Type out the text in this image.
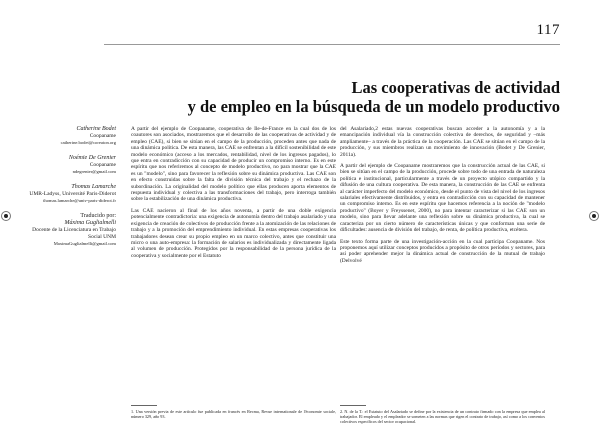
117
Las cooperativas de actividad
y de empleo en la búsqueda de un modelo productivo
Catherine Bodet
Coopaname
catherine.bodet@coreaton.org
Noémie De Grenier
Coopaname
ndegrenier@gmail.com
Thomas Lamarche
UMR-Ladyss, Université Paris-Diderot
thomas.lamarche@univ-paris-diderot.fr
Traducido por:
Máxima Guglialmelli
Docente de la Licenciatura en Trabajo Social UNM
MaximaGuglialmelli@gmail.com

A partir del ejemplo de Coopaname, cooperativa de Ile-de-France en la cual dos de los coautores son asociados, mostraremos que el desarrollo de las cooperativas de actividad y de empleo (CAE), si bien se sitúan en el campo de la producción, proceden antes que nada de una dinámica política. De esta manera, las CAE se enfrentan a la difícil sostenibilidad de este modelo económico (acceso a los mercados, rentabilidad, nivel de los ingresos pagados), lo que entra en contradicción con su capacidad de producir un compromiso interno. Es en este espíritu que nos referiremos al concepto de modelo productivo, no para mostrar que la CAE es un "modelo", sino para favorecer la reflexión sobre su dinámica productiva. Las CAE son en efecto construidas sobre la falta de división técnica del trabajo y el rechazo de la subordinación. La originalidad del modelo político que ellas producen aporta elementos de respuesta individual y colectiva a las transformaciones del trabajo, pero interroga también sobre la estabilización de una dinámica productiva.

Las CAE nacieron al final de los años noventa, a partir de una doble exigencia potencialmente contradictoria: una exigencia de autonomía dentro del trabajo asalariado y una exigencia de creación de colectivos de producción frente a la atomización de las relaciones de trabajo y a la promoción del emprendimiento individual. En estas empresas cooperativas los trabajadores desean crear su propio empleo en un marco colectivo, antes que constituir una micro o una auto-empresa: la formación de salarios es individualizada y directamente ligada al volumen de producción. Protegidos por la responsabilidad de la persona jurídica de la cooperativa y socialmente por el Estatuto

del Asalariado,2 estas nuevas cooperativas buscan acceder a la autonomía y a la emancipación individual vía la construcción colectiva de derechos, de seguridad y –más ampliamente– a través de la práctica de la cooperación. Las CAE se sitúan en el campo de la producción, y sus miembros realizan un movimiento de innovación (Bodet y De Grenier, 2011a).

A partir del ejemplo de Coopaname mostraremos que la construcción actual de las CAE, si bien se sitúan en el campo de la producción, procede sobre todo de una entrada de naturaleza política e institucional, particularmente a través de un proyecto utópico compartido y la difusión de una cultura cooperativa. De esta manera, la construcción de las CAE se enfrenta al carácter imperfecto del modelo económico, desde el punto de vista del nivel de los ingresos salariales efectivamente distribuidos, y entra en contradicción con su capacidad de mantener un compromiso interno. Es en este espíritu que hacemos referencia a la noción de "modelo productivo" (Boyer y Freyssenet, 2000), no para intentar caracterizar si las CAE son un modelo, sino para llevar adelante una reflexión sobre su dinámica productiva, la cual se caracteriza por un cierto número de características únicas y que conforman una serie de dificultades: ausencia de división del trabajo, de renta, de política productiva, etcétera.

Este texto forma parte de una investigación-acción en la cual participa Coopaname. Nos proponemos aquí utilizar conceptos producidos a propósito de otros períodos y sectores, para así poder aprehender mejor la dinámica actual de construcción de la mutual de trabajo (Delvolvé

1. Una versión previa de este artículo fue publicada en francés en Recma, Revue internationale de l'économie sociale, número 329, año 93.
2. N. de la T.: el Estatuto del Asalariado se define por la existencia de un contrato firmado con la empresa que emplea al trabajador. El empleado y el empleador se someten a las normas que rigen el contrato de trabajo, así como a los convenios colectivos específicos del sector ocupacional.
